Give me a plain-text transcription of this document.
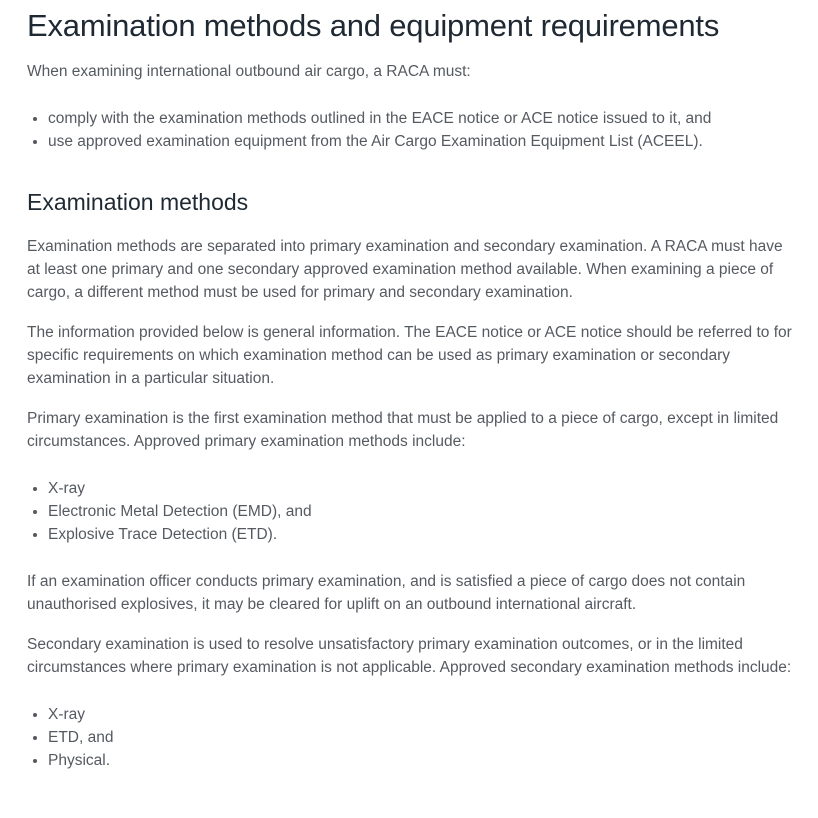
Examination methods and equipment requirements

When examining international outbound air cargo, a RACA must:

• comply with the examination methods outlined in the EACE notice or ACE notice issued to it, and
• use approved examination equipment from the Air Cargo Examination Equipment List (ACEEL).
Examination methods

Examination methods are separated into primary examination and secondary examination. A RACA must have at least one primary and one secondary approved examination method available. When examining a piece of cargo, a different method must be used for primary and secondary examination.

The information provided below is general information. The EACE notice or ACE notice should be referred to for specific requirements on which examination method can be used as primary examination or secondary examination in a particular situation.

Primary examination is the first examination method that must be applied to a piece of cargo, except in limited circumstances. Approved primary examination methods include:

• X-ray
• Electronic Metal Detection (EMD), and
• Explosive Trace Detection (ETD).

If an examination officer conducts primary examination, and is satisfied a piece of cargo does not contain unauthorised explosives, it may be cleared for uplift on an outbound international aircraft.

Secondary examination is used to resolve unsatisfactory primary examination outcomes, or in the limited circumstances where primary examination is not applicable. Approved secondary examination methods include:

• X-ray
• ETD, and
• Physical.
